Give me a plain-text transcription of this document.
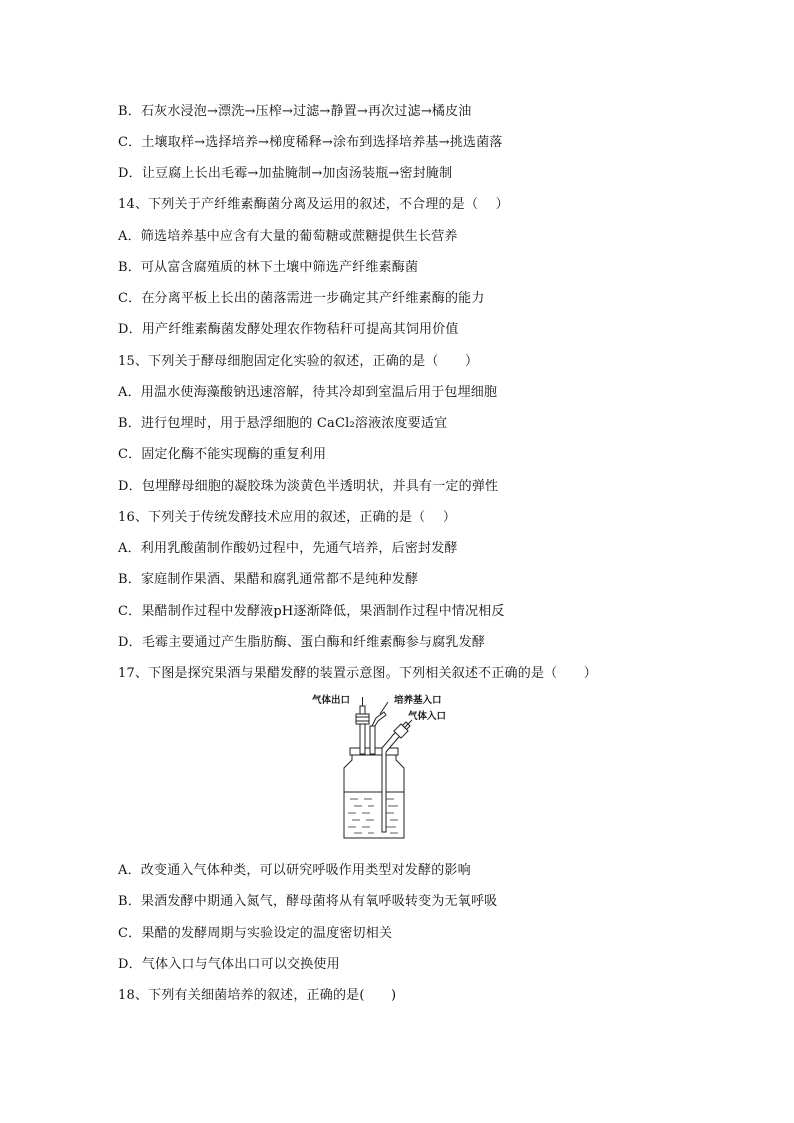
B．石灰水浸泡→漂洗→压榨→过滤→静置→再次过滤→橘皮油
C．土壤取样→选择培养→梯度稀释→涂布到选择培养基→挑选菌落
D．让豆腐上长出毛霉→加盐腌制→加卤汤装瓶→密封腌制
14、下列关于产纤维素酶菌分离及运用的叙述，不合理的是（　 ）
A．筛选培养基中应含有大量的葡萄糖或蔗糖提供生长营养
B．可从富含腐殖质的林下土壤中筛选产纤维素酶菌
C．在分离平板上长出的菌落需进一步确定其产纤维素酶的能力
D．用产纤维素酶菌发酵处理农作物秸秆可提高其饲用价值
15、下列关于酵母细胞固定化实验的叙述，正确的是（　　）
A．用温水使海藻酸钠迅速溶解，待其冷却到室温后用于包埋细胞
B．进行包埋时，用于悬浮细胞的 CaCl₂溶液浓度要适宜
C．固定化酶不能实现酶的重复利用
D．包埋酵母细胞的凝胶珠为淡黄色半透明状，并具有一定的弹性
16、下列关于传统发酵技术应用的叙述，正确的是（　 ）
A．利用乳酸菌制作酸奶过程中，先通气培养，后密封发酵
B．家庭制作果酒、果醋和腐乳通常都不是纯种发酵
C．果醋制作过程中发酵液pH逐渐降低，果酒制作过程中情况相反
D．毛霉主要通过产生脂肪酶、蛋白酶和纤维素酶参与腐乳发酵
17、下图是探究果酒与果醋发酵的装置示意图。下列相关叙述不正确的是（　　）
气体出口	培养基入口
气体入口
A．改变通入气体种类，可以研究呼吸作用类型对发酵的影响
B．果酒发酵中期通入氮气，酵母菌将从有氧呼吸转变为无氧呼吸
C．果醋的发酵周期与实验设定的温度密切相关
D．气体入口与气体出口可以交换使用
18、下列有关细菌培养的叙述，正确的是(　　)
